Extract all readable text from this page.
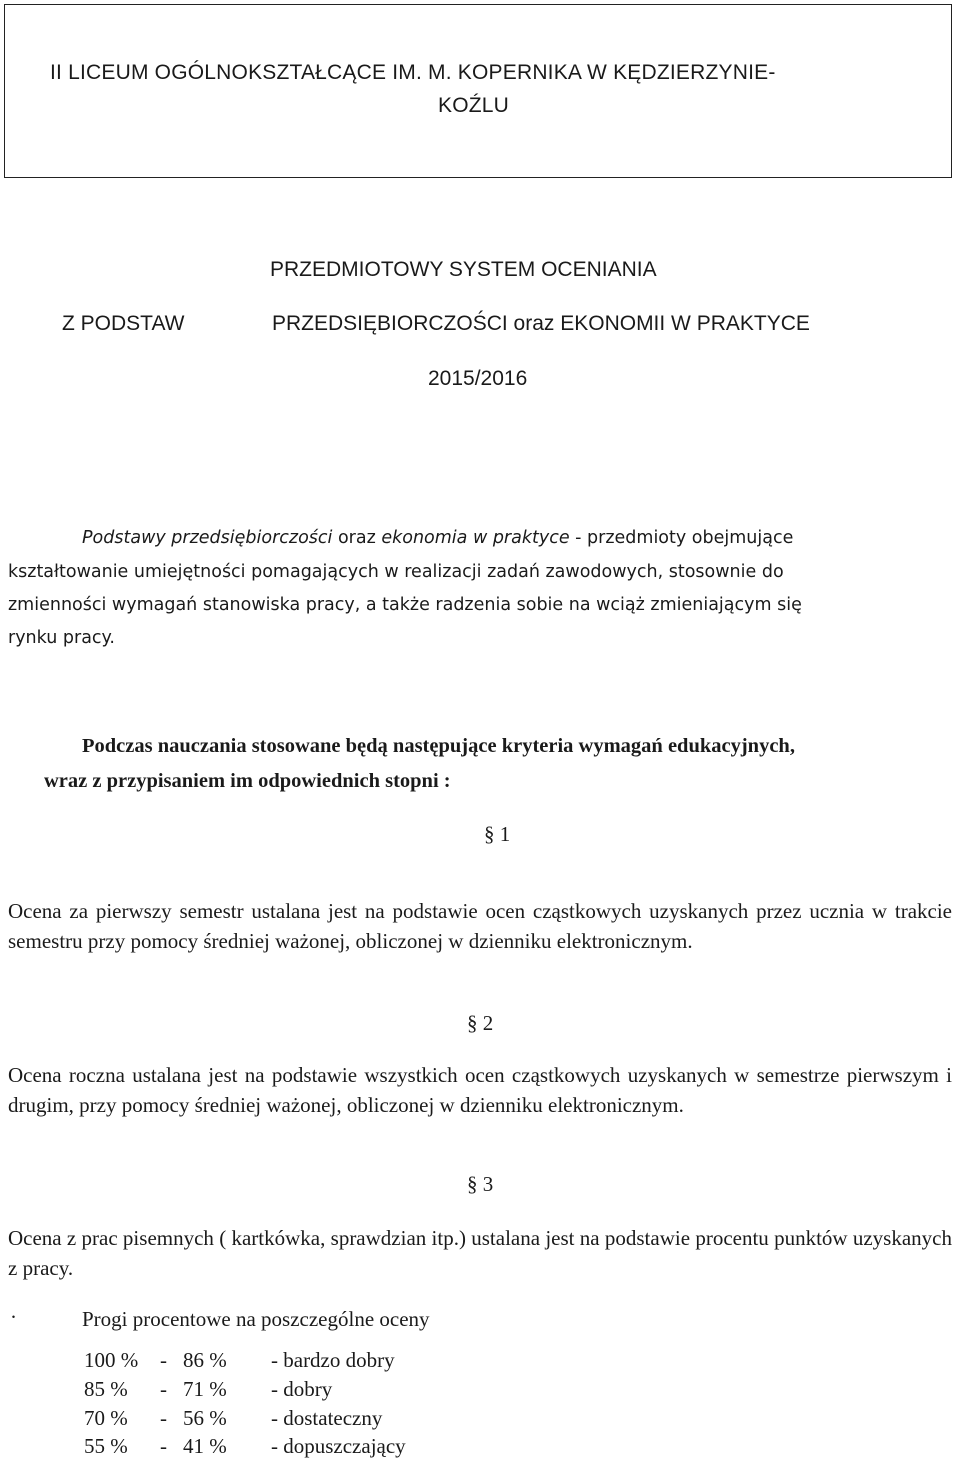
II LICEUM OGÓLNOKSZTAŁCĄCE IM. M. KOPERNIKA W KĘDZIERZYNIE-
KOŹLU
PRZEDMIOTOWY SYSTEM OCENIANIA
Z PODSTAW	PRZEDSIĘBIORCZOŚCI oraz EKONOMII W PRAKTYCE
2015/2016
Podstawy przedsiębiorczości oraz ekonomia w praktyce - przedmioty obejmujące
kształtowanie umiejętności pomagających w realizacji zadań zawodowych, stosownie do
zmienności wymagań stanowiska pracy, a także radzenia sobie na wciąż zmieniającym się
rynku pracy.
Podczas nauczania stosowane będą następujące kryteria wymagań edukacyjnych,
wraz z przypisaniem im odpowiednich stopni :
§ 1
Ocena za pierwszy semestr ustalana jest na podstawie ocen cząstkowych uzyskanych przez ucznia w trakcie semestru przy pomocy średniej ważonej, obliczonej w dzienniku elektronicznym.
§ 2
Ocena roczna ustalana jest na podstawie wszystkich ocen cząstkowych uzyskanych w semestrze pierwszym i drugim, przy pomocy średniej ważonej, obliczonej w dzienniku elektronicznym.
§ 3
Ocena z prac pisemnych ( kartkówka, sprawdzian itp.) ustalana jest na podstawie procentu punktów uzyskanych z pracy.
·	Progi procentowe na poszczególne oceny
100 % - 86 % - bardzo dobry
85 % - 71 % - dobry
70 % - 56 % - dostateczny
55 % - 41 % - dopuszczający
